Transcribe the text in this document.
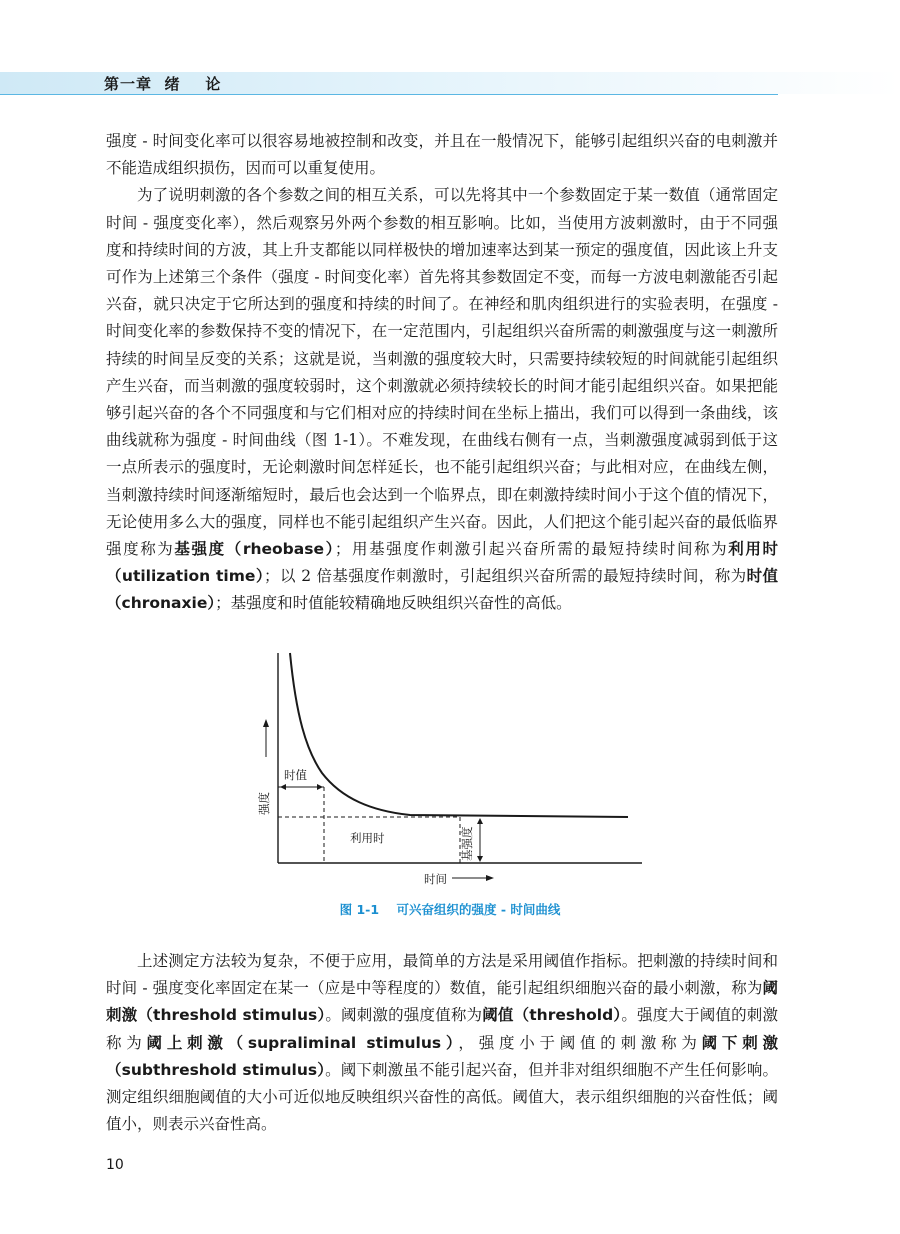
第一章  绪    论

强度 - 时间变化率可以很容易地被控制和改变，并且在一般情况下，能够引起组织兴奋的电刺激并不能造成组织损伤，因而可以重复使用。

为了说明刺激的各个参数之间的相互关系，可以先将其中一个参数固定于某一数值（通常固定时间 - 强度变化率），然后观察另外两个参数的相互影响。比如，当使用方波刺激时，由于不同强度和持续时间的方波，其上升支都能以同样极快的增加速率达到某一预定的强度值，因此该上升支可作为上述第三个条件（强度 - 时间变化率）首先将其参数固定不变，而每一方波电刺激能否引起兴奋，就只决定于它所达到的强度和持续的时间了。在神经和肌肉组织进行的实验表明，在强度 - 时间变化率的参数保持不变的情况下，在一定范围内，引起组织兴奋所需的刺激强度与这一刺激所持续的时间呈反变的关系；这就是说，当刺激的强度较大时，只需要持续较短的时间就能引起组织产生兴奋，而当刺激的强度较弱时，这个刺激就必须持续较长的时间才能引起组织兴奋。如果把能够引起兴奋的各个不同强度和与它们相对应的持续时间在坐标上描出，我们可以得到一条曲线，该曲线就称为强度 - 时间曲线（图 1-1）。不难发现，在曲线右侧有一点，当刺激强度减弱到低于这一点所表示的强度时，无论刺激时间怎样延长，也不能引起组织兴奋；与此相对应，在曲线左侧，当刺激持续时间逐渐缩短时，最后也会达到一个临界点，即在刺激持续时间小于这个值的情况下，无论使用多么大的强度，同样也不能引起组织产生兴奋。因此，人们把这个能引起兴奋的最低临界强度称为基强度（rheobase）；用基强度作刺激引起兴奋所需的最短持续时间称为利用时（utilization time）；以 2 倍基强度作刺激时，引起组织兴奋所需的最短持续时间，称为时值（chronaxie）；基强度和时值能较精确地反映组织兴奋性的高低。

时值
利用时
时间
强度
基强度
图 1-1    可兴奋组织的强度 - 时间曲线

上述测定方法较为复杂，不便于应用，最简单的方法是采用阈值作指标。把刺激的持续时间和时间 - 强度变化率固定在某一（应是中等程度的）数值，能引起组织细胞兴奋的最小刺激，称为阈刺激（threshold stimulus）。阈刺激的强度值称为阈值（threshold）。强度大于阈值的刺激称为阈上刺激（supraliminal stimulus），强度小于阈值的刺激称为阈下刺激（subthreshold stimulus）。阈下刺激虽不能引起兴奋，但并非对组织细胞不产生任何影响。测定组织细胞阈值的大小可近似地反映组织兴奋性的高低。阈值大，表示组织细胞的兴奋性低；阈值小，则表示兴奋性高。

10
